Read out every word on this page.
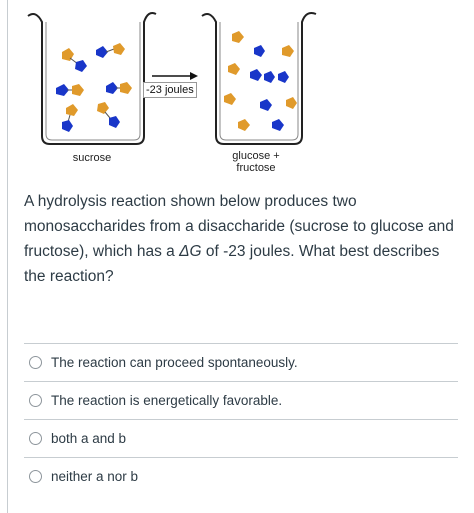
-23 joules
sucrose	glucose +
fructose

A hydrolysis reaction shown below produces two monosaccharides from a disaccharide (sucrose to glucose and fructose), which has a ΔG of -23 joules. What best describes the reaction?

The reaction can proceed spontaneously.
The reaction is energetically favorable.
both a and b
neither a nor b
